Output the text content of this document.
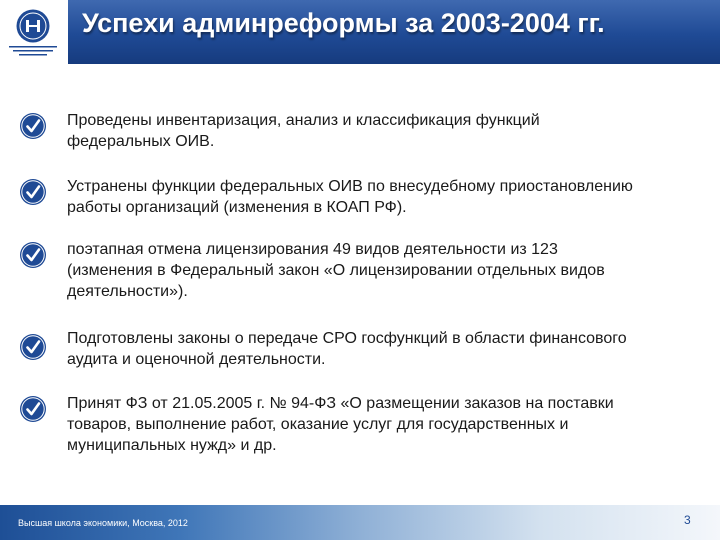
Успехи админреформы за 2003-2004 гг.
Проведены инвентаризация, анализ и классификация функций
федеральных ОИВ.
Устранены функции федеральных ОИВ по внесудебному приостановлению
работы организаций (изменения в КОАП РФ).
поэтапная отмена лицензирования 49 видов деятельности из 123
(изменения в Федеральный закон «О лицензировании отдельных видов
деятельности»).
Подготовлены законы о передаче СРО госфункций в области финансового
аудита и оценочной деятельности.
Принят ФЗ от 21.05.2005 г. № 94-ФЗ «О размещении заказов на поставки
товаров, выполнение работ, оказание услуг для государственных и
муниципальных нужд» и др.
Высшая школа экономики, Москва, 2012	3
